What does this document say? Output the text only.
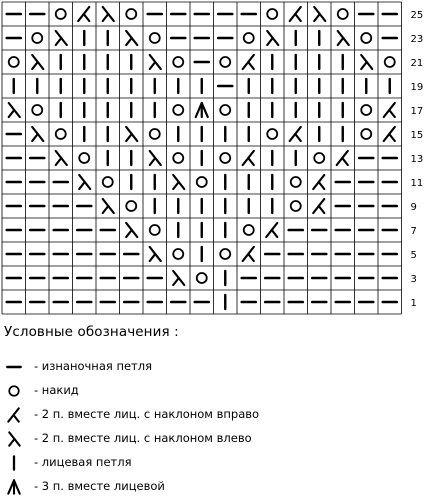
25
23
21
19
17
15
13
11
9
7
5
3
1
Условные обозначения :
- изнаночная петля
- накид
- 2 п. вместе лиц. с наклоном вправо
- 2 п. вместе лиц. с наклоном влево
- лицевая петля
- 3 п. вместе лицевой
